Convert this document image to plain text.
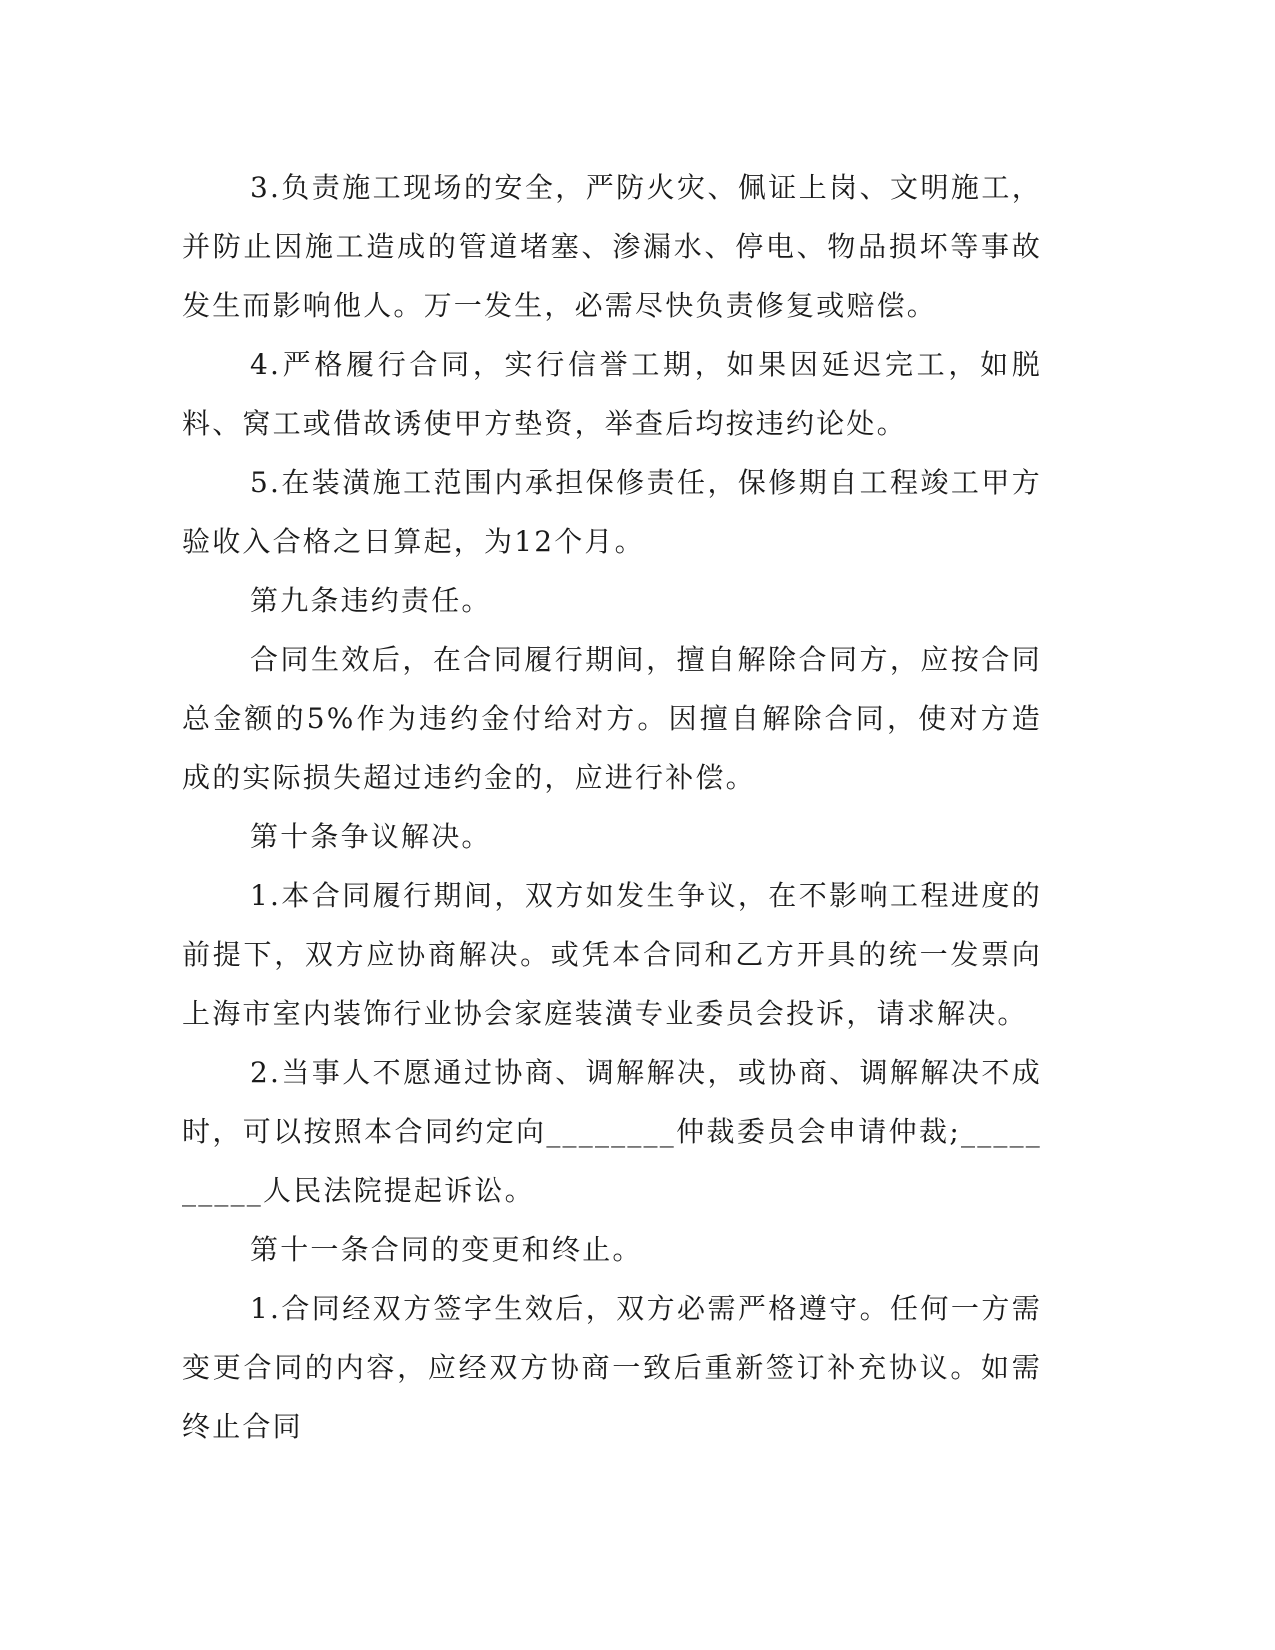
3.负责施工现场的安全，严防火灾、佩证上岗、文明施工，并防止因施工造成的管道堵塞、渗漏水、停电、物品损坏等事故发生而影响他人。万一发生，必需尽快负责修复或赔偿。

4.严格履行合同，实行信誉工期，如果因延迟完工，如脱料、窝工或借故诱使甲方垫资，举查后均按违约论处。

5.在装潢施工范围内承担保修责任，保修期自工程竣工甲方验收入合格之日算起，为12个月。

第九条违约责任。

合同生效后，在合同履行期间，擅自解除合同方，应按合同总金额的5%作为违约金付给对方。因擅自解除合同，使对方造成的实际损失超过违约金的，应进行补偿。

第十条争议解决。

1.本合同履行期间，双方如发生争议，在不影响工程进度的前提下，双方应协商解决。或凭本合同和乙方开具的统一发票向上海市室内装饰行业协会家庭装潢专业委员会投诉，请求解决。

2.当事人不愿通过协商、调解解决，或协商、调解解决不成时，可以按照本合同约定向________仲裁委员会申请仲裁;__________人民法院提起诉讼。

第十一条合同的变更和终止。

1.合同经双方签字生效后，双方必需严格遵守。任何一方需变更合同的内容，应经双方协商一致后重新签订补充协议。如需终止合同
